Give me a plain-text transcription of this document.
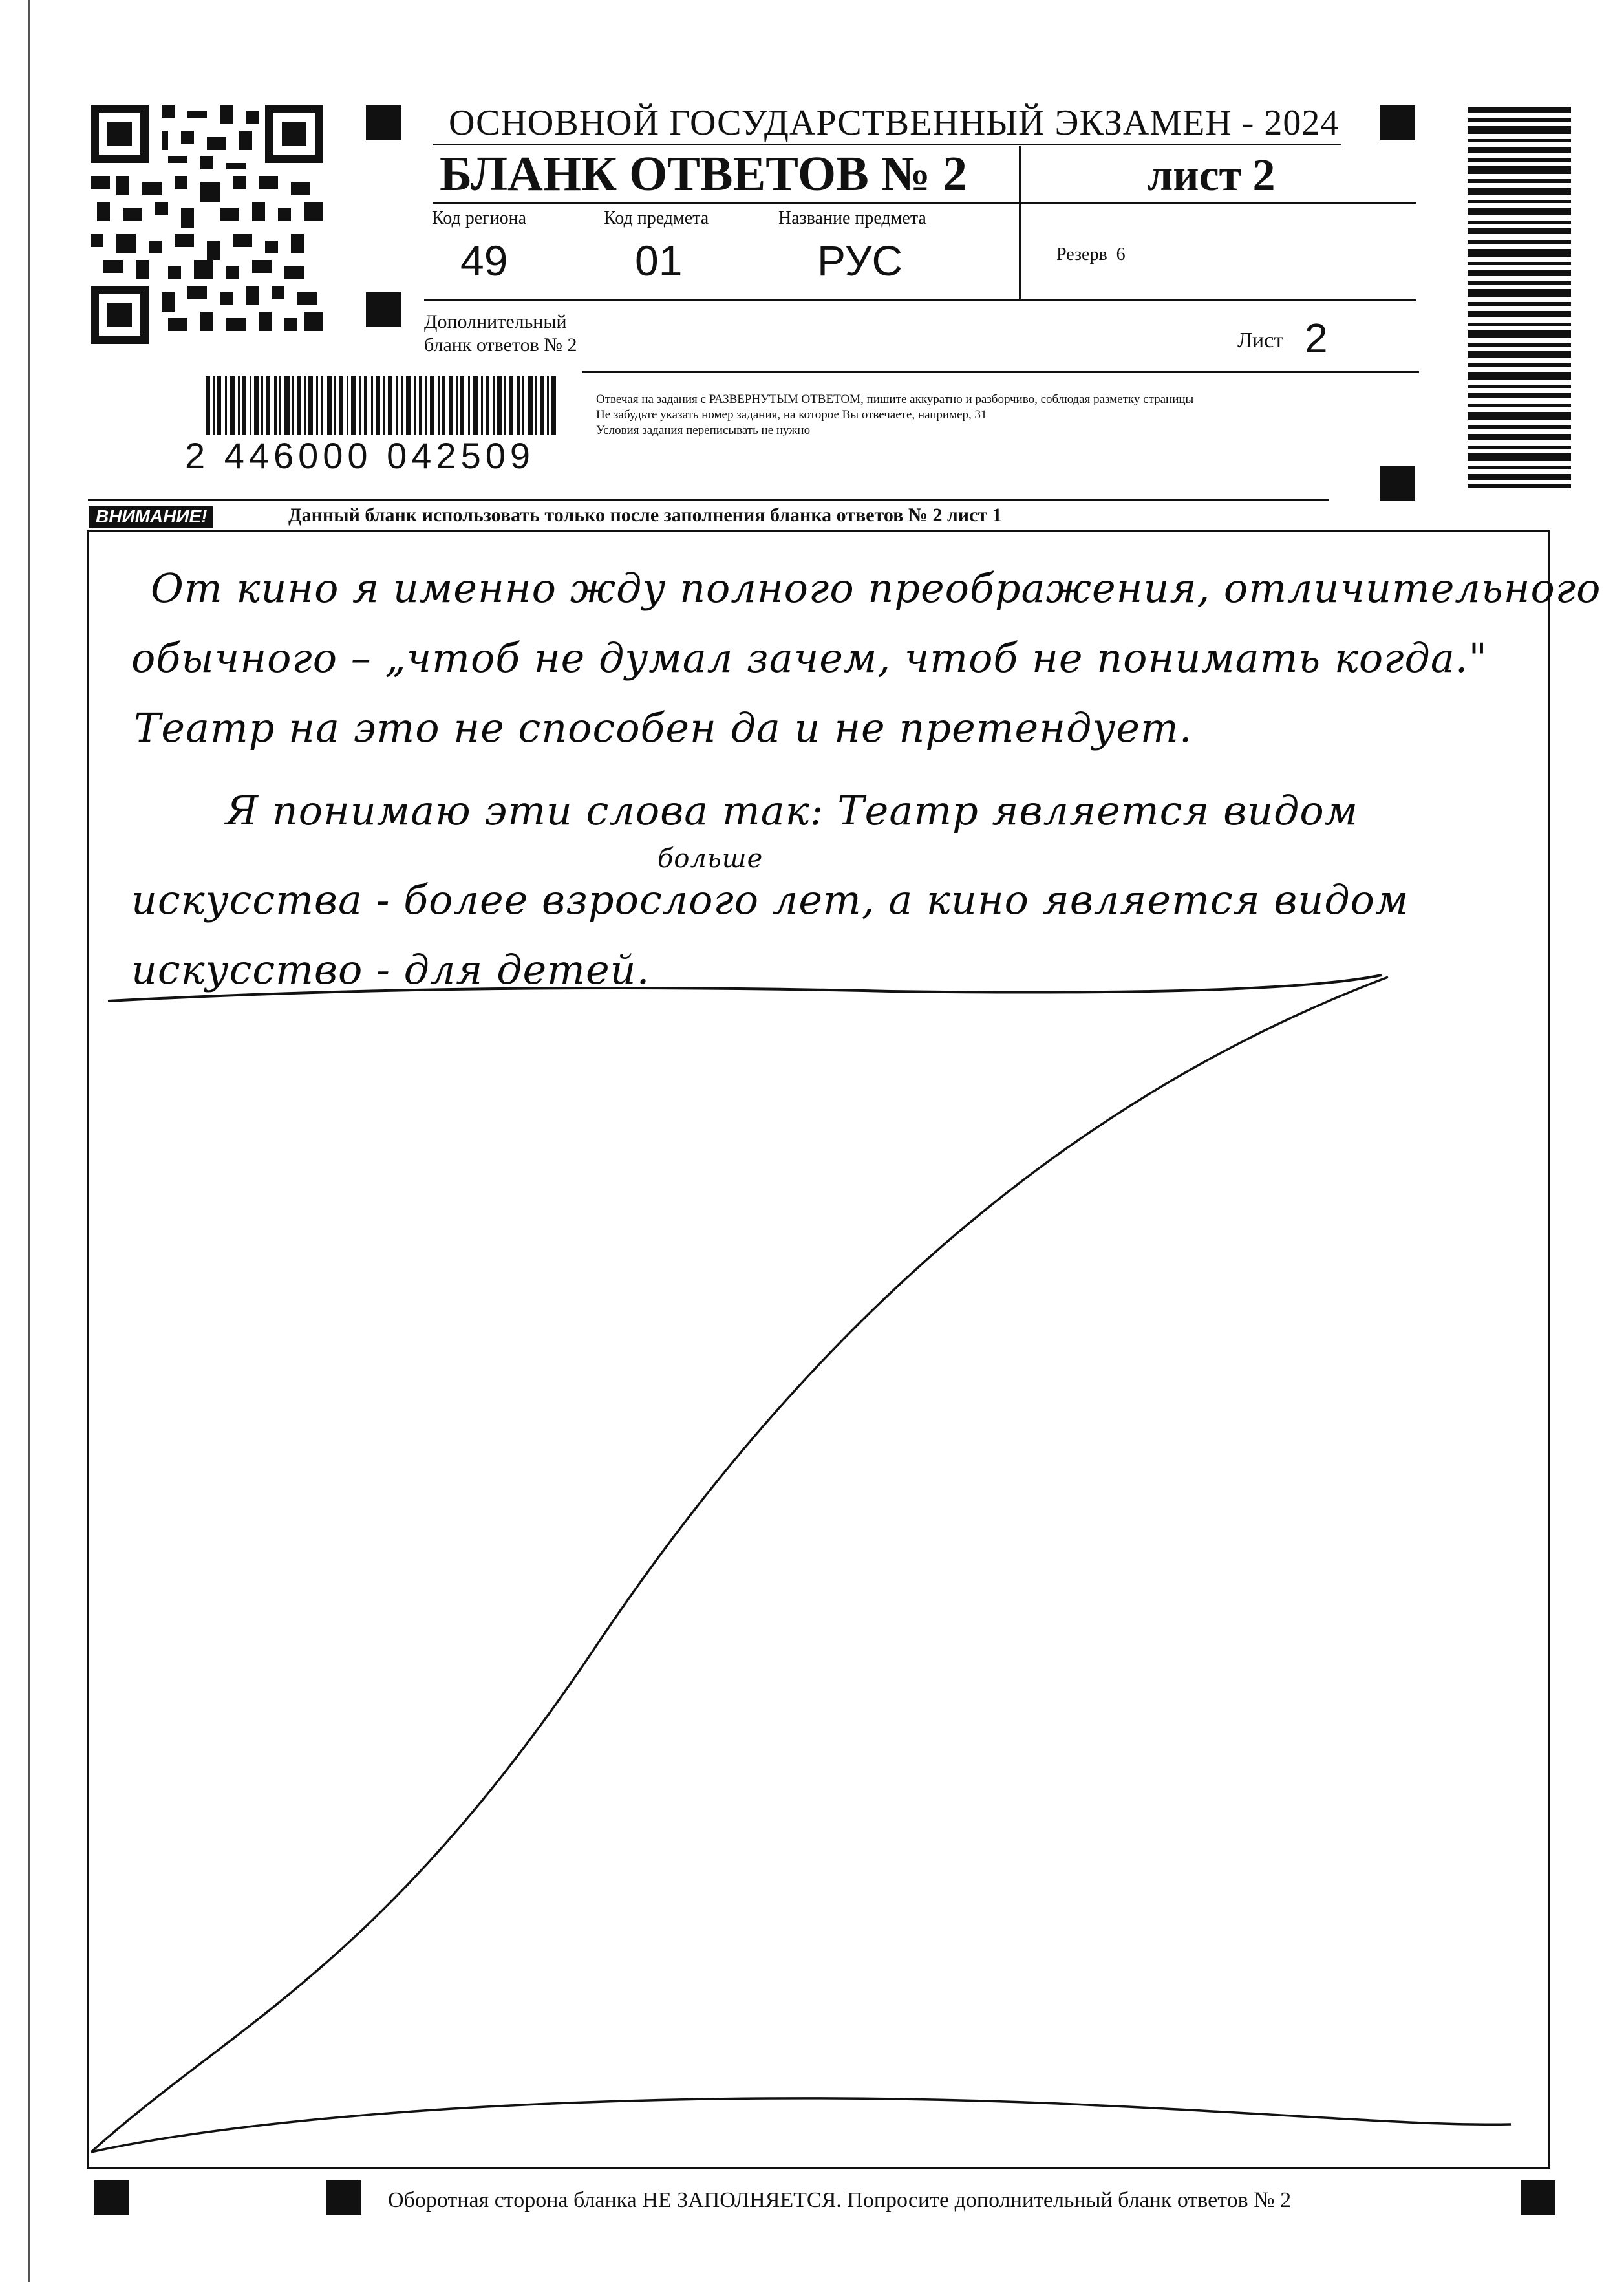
ОСНОВНОЙ ГОСУДАРСТВЕННЫЙ ЭКЗАМЕН - 2024
БЛАНК ОТВЕТОВ № 2	лист 2
Код региона
49
Код предмета
01
Название предмета
РУС	Резерв  6
Дополнительный
бланк ответов № 2	Лист 2
2 446000 042509
Отвечая на задания с РАЗВЕРНУТЫМ ОТВЕТОМ, пишите аккуратно и разборчиво, соблюдая разметку страницы
Не забудьте указать номер задания, на которое Вы отвечаете, например, 31
Условия задания переписывать не нужно
ВНИМАНИЕ!	Данный бланк использовать только после заполнения бланка ответов № 2 лист 1
От кино я именно жду полного преображения, отличительного
обычного – „чтоб не думал зачем, чтоб не понимать когда."
Театр на это не способен да и не претендует.
Я понимаю эти слова так: Театр является видом
больше
искусства - более взрослого лет, а кино является видом
искусство - для детей.
Оборотная сторона бланка НЕ ЗАПОЛНЯЕТСЯ. Попросите дополнительный бланк ответов № 2
